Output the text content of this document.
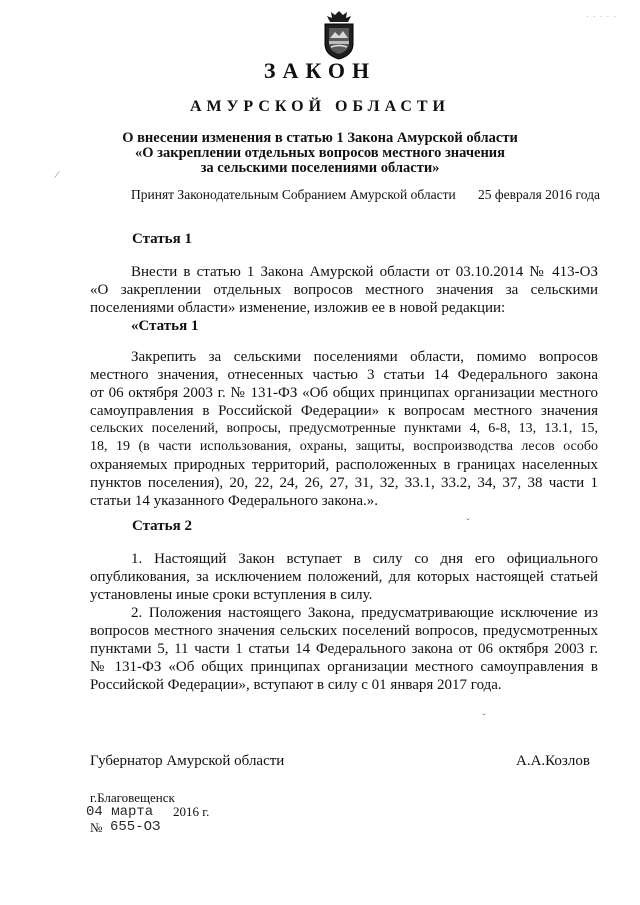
· · · · ·
ЗАКОН
АМУРСКОЙ ОБЛАСТИ
О внесении изменения в статью 1 Закона Амурской области
«О закреплении отдельных вопросов местного значения
за сельскими поселениями области»
Принят Законодательным Собранием Амурской области 25 февраля 2016 года
Статья 1
Внести в статью 1 Закона Амурской области от 03.10.2014 № 413-ОЗ
«О закреплении отдельных вопросов местного значения за сельскими
поселениями области» изменение, изложив ее в новой редакции:
«Статья 1
Закрепить за сельскими поселениями области, помимо вопросов
местного значения, отнесенных частью 3 статьи 14 Федерального закона
от 06 октября 2003 г. № 131-ФЗ «Об общих принципах организации местного
самоуправления в Российской Федерации» к вопросам местного значения
сельских поселений, вопросы, предусмотренные пунктами 4, 6-8, 13, 13.1, 15,
18, 19 (в части использования, охраны, защиты, воспроизводства лесов особо
охраняемых природных территорий, расположенных в границах населенных
пунктов поселения), 20, 22, 24, 26, 27, 31, 32, 33.1, 33.2, 34, 37, 38 части 1
статьи 14 указанного Федерального закона.».
Статья 2
1. Настоящий Закон вступает в силу со дня его официального
опубликования, за исключением положений, для которых настоящей статьей
установлены иные сроки вступления в силу.
2. Положения настоящего Закона, предусматривающие исключение из
вопросов местного значения сельских поселений вопросов, предусмотренных
пунктами 5, 11 части 1 статьи 14 Федерального закона от 06 октября 2003 г.
№ 131-ФЗ «Об общих принципах организации местного самоуправления в
Российской Федерации», вступают в силу с 01 января 2017 года.
Губернатор Амурской области	А.А.Козлов
г.Благовещенск
04 марта 2016 г.
№ 655-ОЗ
⁄
ˇ
ˇ
